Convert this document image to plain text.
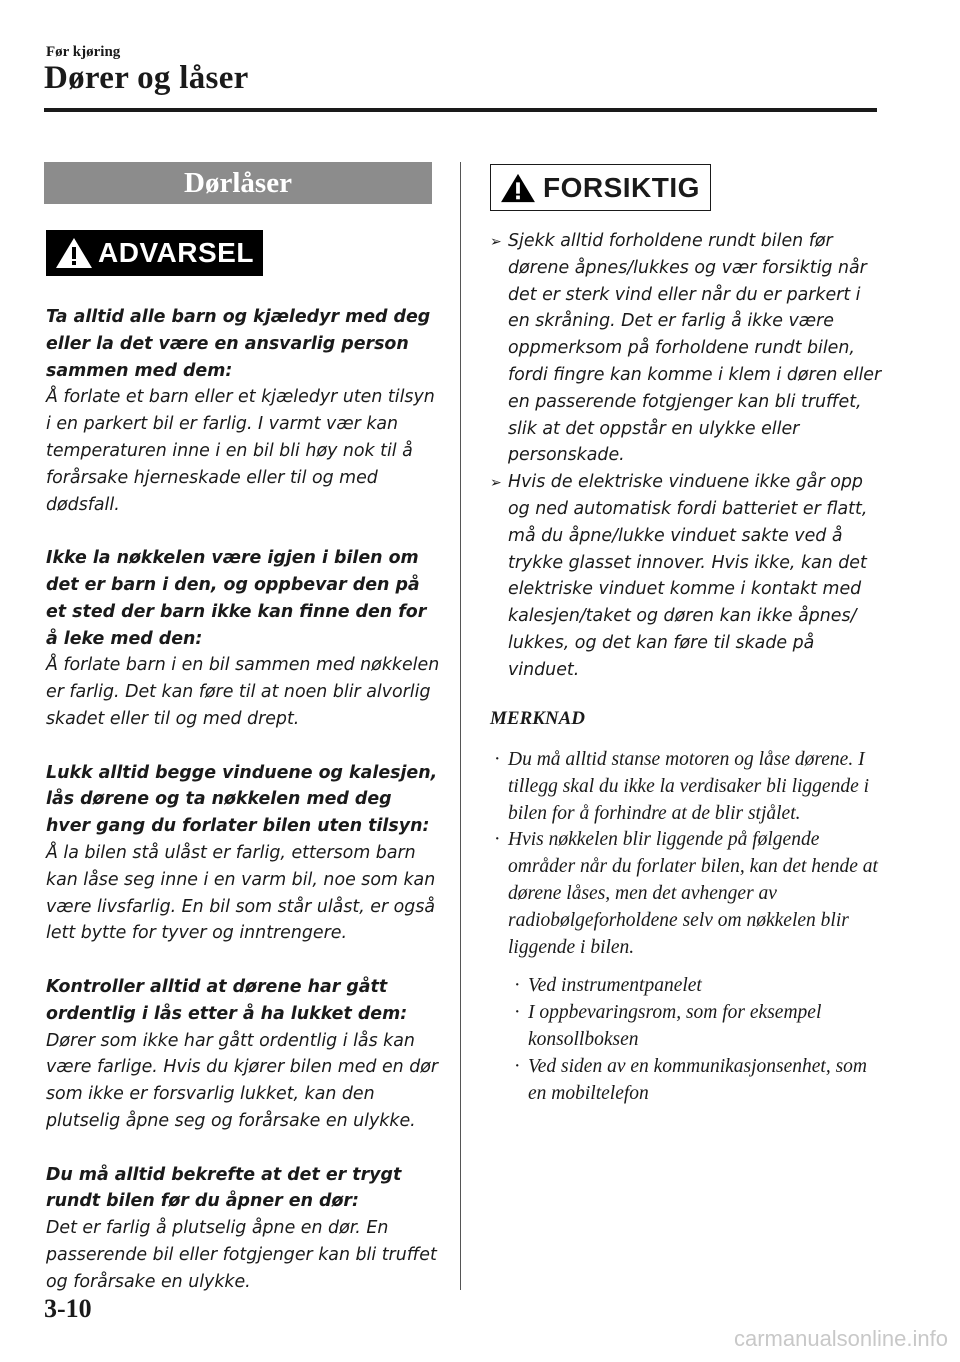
Før kjøring
Dører og låser
Dørlåser
ADVARSEL
Ta alltid alle barn og kjæledyr med deg eller la det være en ansvarlig person sammen med dem:
Å forlate et barn eller et kjæledyr uten tilsyn i en parkert bil er farlig. I varmt vær kan temperaturen inne i en bil bli høy nok til å forårsake hjerneskade eller til og med dødsfall.
Ikke la nøkkelen være igjen i bilen om det er barn i den, og oppbevar den på et sted der barn ikke kan finne den for å leke med den:
Å forlate barn i en bil sammen med nøkkelen er farlig. Det kan føre til at noen blir alvorlig skadet eller til og med drept.
Lukk alltid begge vinduene og kalesjen, lås dørene og ta nøkkelen med deg hver gang du forlater bilen uten tilsyn:
Å la bilen stå ulåst er farlig, ettersom barn kan låse seg inne i en varm bil, noe som kan være livsfarlig. En bil som står ulåst, er også lett bytte for tyver og inntrengere.
Kontroller alltid at dørene har gått ordentlig i lås etter å ha lukket dem:
Dører som ikke har gått ordentlig i lås kan være farlige. Hvis du kjører bilen med en dør som ikke er forsvarlig lukket, kan den plutselig åpne seg og forårsake en ulykke.
Du må alltid bekrefte at det er trygt rundt bilen før du åpner en dør:
Det er farlig å plutselig åpne en dør. En passerende bil eller fotgjenger kan bli truffet og forårsake en ulykke.
FORSIKTIG
➢ Sjekk alltid forholdene rundt bilen før dørene åpnes/lukkes og vær forsiktig når det er sterk vind eller når du er parkert i en skråning. Det er farlig å ikke være oppmerksom på forholdene rundt bilen, fordi fingre kan komme i klem i døren eller en passerende fotgjenger kan bli truffet, slik at det oppstår en ulykke eller personskade.
➢ Hvis de elektriske vinduene ikke går opp og ned automatisk fordi batteriet er flatt, må du åpne/lukke vinduet sakte ved å trykke glasset innover. Hvis ikke, kan det elektriske vinduet komme i kontakt med kalesjen/taket og døren kan ikke åpnes/ lukkes, og det kan føre til skade på vinduet.
MERKNAD
· Du må alltid stanse motoren og låse dørene. I tillegg skal du ikke la verdisaker bli liggende i bilen for å forhindre at de blir stjålet.
· Hvis nøkkelen blir liggende på følgende områder når du forlater bilen, kan det hende at dørene låses, men det avhenger av radiobølgeforholdene selv om nøkkelen blir liggende i bilen.
· Ved instrumentpanelet
· I oppbevaringsrom, som for eksempel konsollboksen
· Ved siden av en kommunikasjonsenhet, som en mobiltelefon
3-10
carmanualsonline.info
